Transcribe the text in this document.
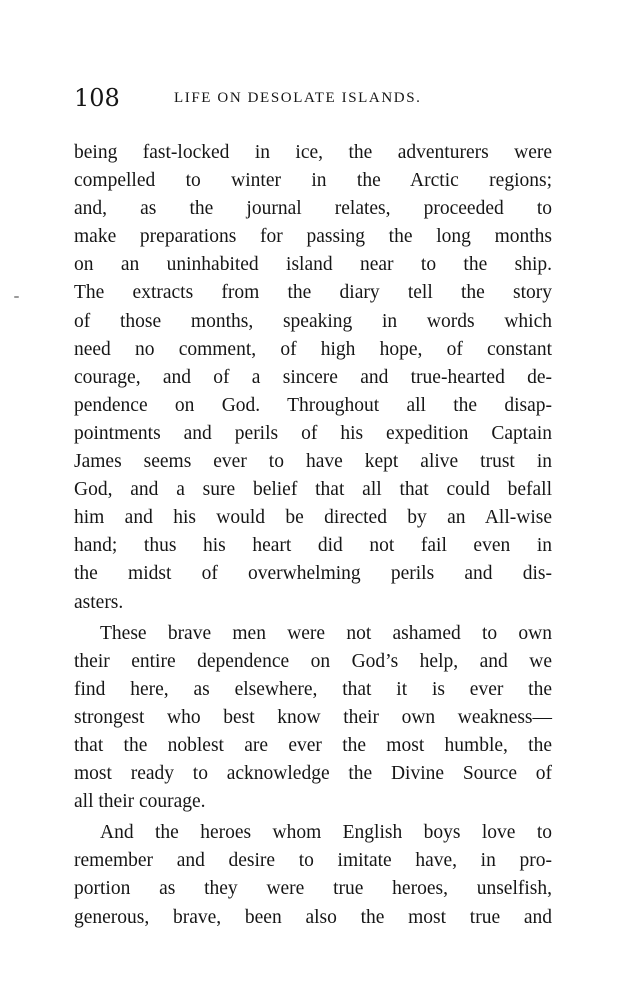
108	LIFE ON DESOLATE ISLANDS.
being fast-locked in ice, the adventurers were
compelled to winter in the Arctic regions;
and, as the journal relates, proceeded to
make preparations for passing the long months
on an uninhabited island near to the ship.
The extracts from the diary tell the story
of those months, speaking in words which
need no comment, of high hope, of constant
courage, and of a sincere and true-hearted de-
pendence on God. Throughout all the disap-
pointments and perils of his expedition Captain
James seems ever to have kept alive trust in
God, and a sure belief that all that could befall
him and his would be directed by an All-wise
hand; thus his heart did not fail even in
the midst of overwhelming perils and dis-
asters.
These brave men were not ashamed to own
their entire dependence on God’s help, and we
find here, as elsewhere, that it is ever the
strongest who best know their own weakness—
that the noblest are ever the most humble, the
most ready to acknowledge the Divine Source of
all their courage.
And the heroes whom English boys love to
remember and desire to imitate have, in pro-
portion as they were true heroes, unselfish,
generous, brave, been also the most true and
